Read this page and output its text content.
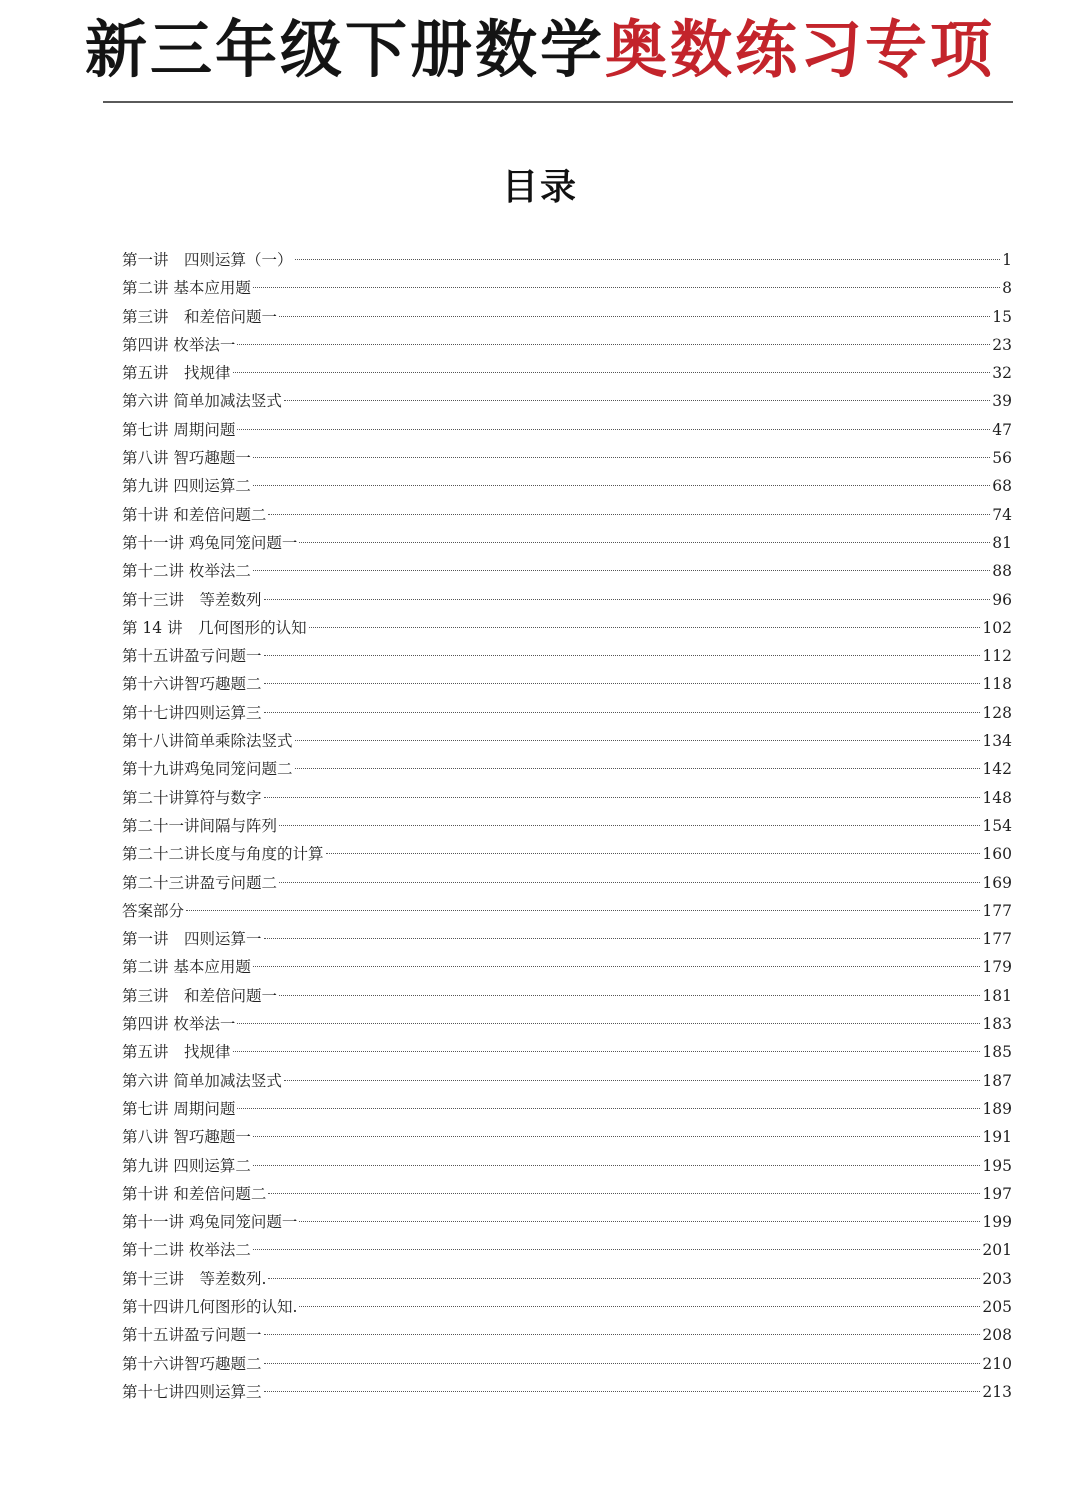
新三年级下册数学奥数练习专项
目录
第一讲　四则运算（一）	1
第二讲 基本应用题	8
第三讲　和差倍问题一	15
第四讲 枚举法一	23
第五讲　找规律	32
第六讲 简单加减法竖式	39
第七讲 周期问题	47
第八讲 智巧趣题一	56
第九讲 四则运算二	68
第十讲 和差倍问题二	74
第十一讲 鸡兔同笼问题一	81
第十二讲 枚举法二	88
第十三讲　等差数列	96
第 14 讲　几何图形的认知	102
第十五讲盈亏问题一	112
第十六讲智巧趣题二	118
第十七讲四则运算三	128
第十八讲简单乘除法竖式	134
第十九讲鸡兔同笼问题二	142
第二十讲算符与数字	148
第二十一讲间隔与阵列	154
第二十二讲长度与角度的计算	160
第二十三讲盈亏问题二	169
答案部分	177
第一讲　四则运算一	177
第二讲 基本应用题	179
第三讲　和差倍问题一	181
第四讲 枚举法一	183
第五讲　找规律	185
第六讲 简单加减法竖式	187
第七讲 周期问题	189
第八讲 智巧趣题一	191
第九讲 四则运算二	195
第十讲 和差倍问题二	197
第十一讲 鸡兔同笼问题一	199
第十二讲 枚举法二	201
第十三讲　等差数列.	203
第十四讲几何图形的认知.	205
第十五讲盈亏问题一	208
第十六讲智巧趣题二	210
第十七讲四则运算三	213
